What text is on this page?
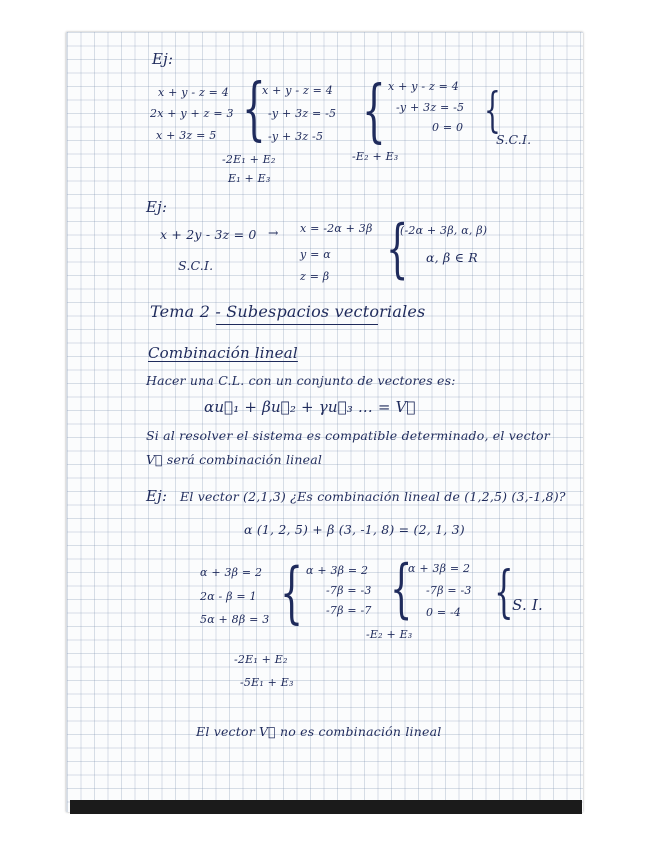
Ej:
x + y - z = 4
2x + y + z = 3
x + 3z = 5 {
-2E₁ + E₂
E₁ + E₃
x + y - z = 4
-y + 3z = -5
-y + 3z -5 {
-E₂ + E₃
x + y - z = 4
-y + 3z = -5
0 = 0 {
S.C.I.
Ej:
x + 2y - 3z = 0 →
S.C.I.
x = -2α + 3β
y = α
z = β {
(-2α + 3β, α, β)
α, β ∈ R
Tema 2 - Subespacios vectoriales
Combinación lineal
Hacer una C.L. con un conjunto de vectores es:
αu⃗₁ + βu⃗₂ + γu⃗₃ ... = V⃗
Si al resolver el sistema es compatible determinado, el vector
V⃗ será combinación lineal
Ej: El vector (2,1,3) ¿Es combinación lineal de (1,2,5) (3,-1,8)?
α (1, 2, 5) + β (3, -1, 8) = (2, 1, 3)
α + 3β = 2
2α - β = 1
5α + 8β = 3 {
-2E₁ + E₂
-5E₁ + E₃
α + 3β = 2
-7β = -3
-7β = -7 {
-E₂ + E₃
α + 3β = 2
-7β = -3
0 = -4 {
S. I.
El vector V⃗ no es combinación lineal
